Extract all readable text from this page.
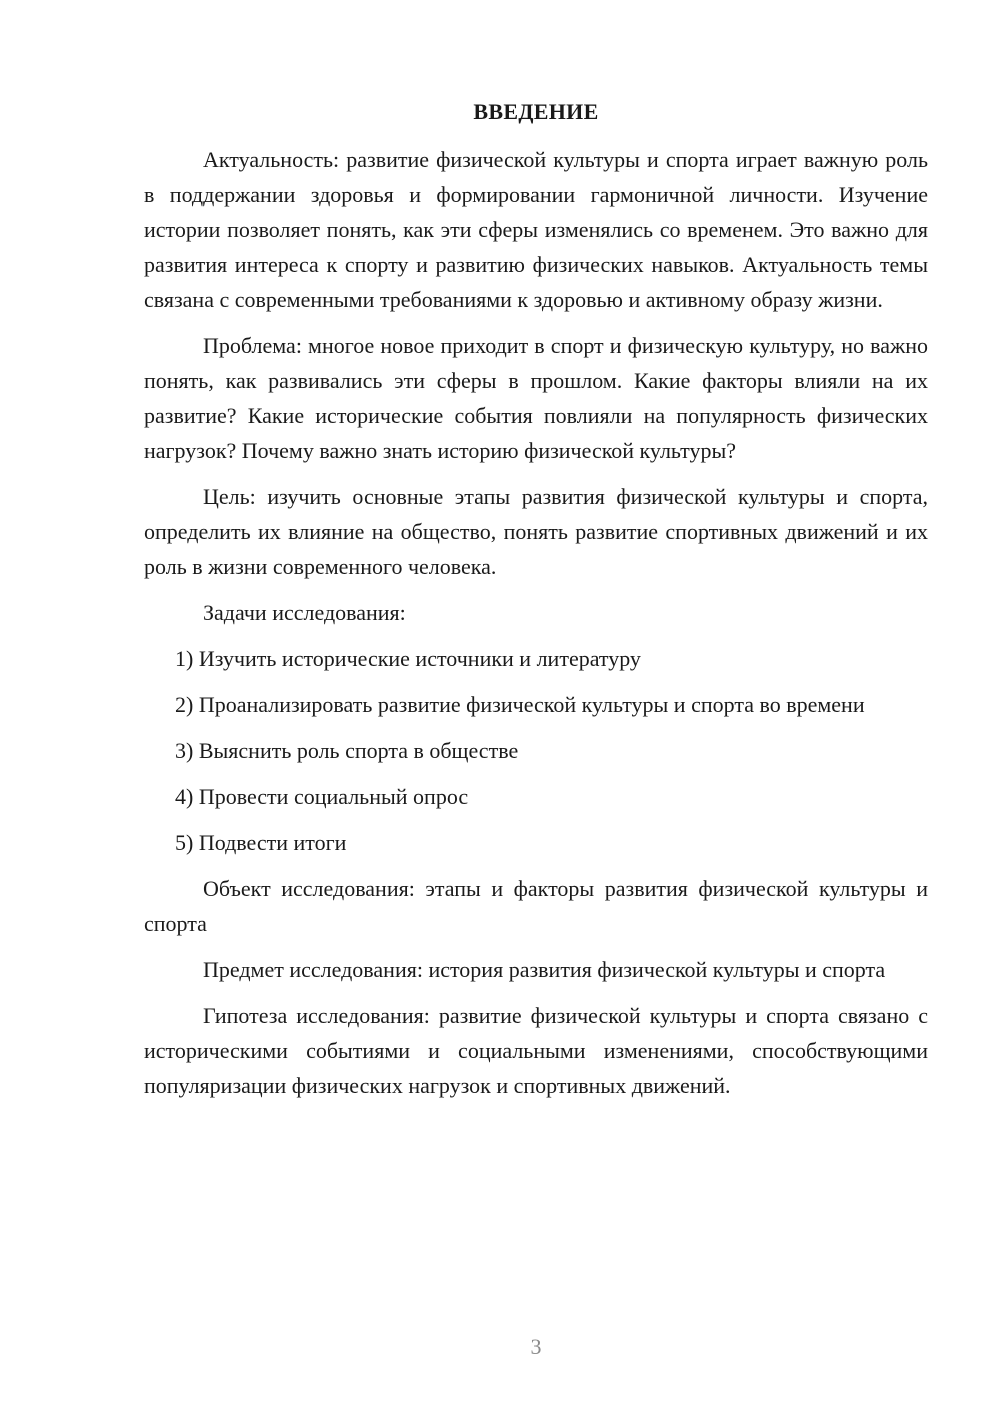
ВВЕДЕНИЕ

Актуальность: развитие физической культуры и спорта играет важную роль в поддержании здоровья и формировании гармоничной личности. Изучение истории позволяет понять, как эти сферы изменялись со временем. Это важно для развития интереса к спорту и развитию физических навыков. Актуальность темы связана с современными требованиями к здоровью и активному образу жизни.

Проблема: многое новое приходит в спорт и физическую культуру, но важно понять, как развивались эти сферы в прошлом. Какие факторы влияли на их развитие? Какие исторические события повлияли на популярность физических нагрузок? Почему важно знать историю физической культуры?

Цель: изучить основные этапы развития физической культуры и спорта, определить их влияние на общество, понять развитие спортивных движений и их роль в жизни современного человека.

Задачи исследования:

1) Изучить исторические источники и литературу

2) Проанализировать развитие физической культуры и спорта во времени

3) Выяснить роль спорта в обществе

4) Провести социальный опрос

5) Подвести итоги

Объект исследования: этапы и факторы развития физической культуры и спорта

Предмет исследования: история развития физической культуры и спорта

Гипотеза исследования: развитие физической культуры и спорта связано с историческими событиями и социальными изменениями, способствующими популяризации физических нагрузок и спортивных движений.

3
